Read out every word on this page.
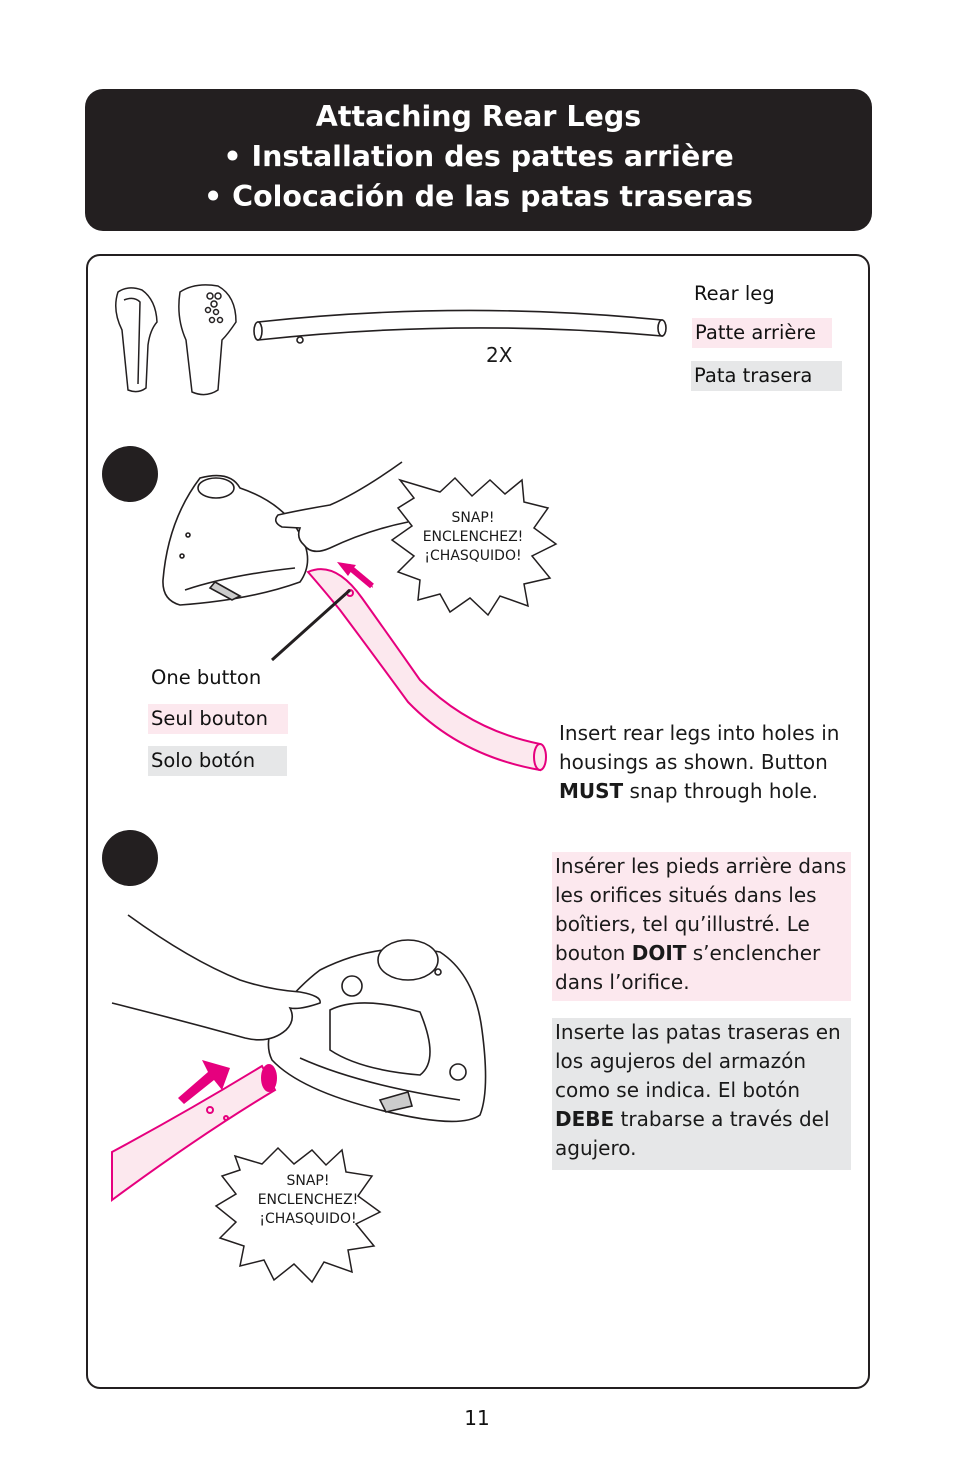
Attaching Rear Legs
• Installation des pattes arrière
• Colocación de las patas traseras
2X
Rear leg
Patte arrière
Pata trasera
SNAP!
ENCLENCHEZ!
¡CHASQUIDO!
SNAP!
ENCLENCHEZ!
¡CHASQUIDO!
One button
Seul bouton
Solo botón
Insert rear legs into holes in housings as shown. Button MUST snap through hole.
Insérer les pieds arrière dans les orifices situés dans les boîtiers, tel qu’illustré. Le bouton DOIT s’enclencher dans l’orifice.
Inserte las patas traseras en los agujeros del armazón como se indica. El botón DEBE trabarse a través del agujero.
11
